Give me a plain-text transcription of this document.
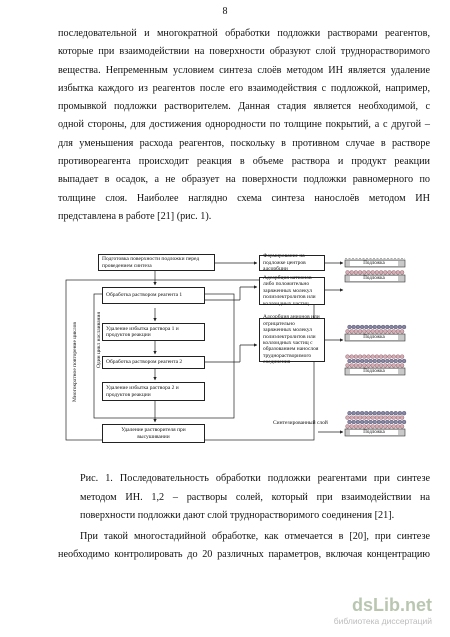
8
последовательной и многократной обработки подложки растворами реагентов,
которые при взаимодействии на поверхности образуют слой труднорастворимого
вещества. Непременным условием синтеза слоёв методом ИН является удаление
избытка каждого из реагентов после его взаимодействия с подложкой, например,
промывкой подложки растворителем. Данная стадия является необходимой, с
одной стороны, для достижения однородности по толщине покрытий, а с другой –
для уменьшения расхода реагентов, поскольку в противном случае в растворе
противореагента происходит реакция в объеме раствора и продукт реакции
выпадает в осадок, а не образует на поверхности подложки равномерного по
толщине слоя. Наиболее наглядно схема синтеза нанослоёв методом ИН
представлена в работе [21] (рис. 1).
Подготовка поверхности подложки перед проведением синтеза
Обработка раствором реагента 1
Удаление избытка раствора 1 и продуктов реакции
Обработка раствором реагента 2
Удаление избытка раствора 2 и продуктов реакции
Удаление растворителя при высушивании
Формирование на подложке центров адсорбции
Адсорбция катионов либо положительно заряженных молекул полиэлектролитов или коллоидных частиц
Адсорбция анионов или отрицательно заряженных молекул полиэлектролитов или коллоидных частиц с образованием нанослоя труднорастворимого соединения
Синтезированный слой
Многократное повторение циклов	Один цикл наслаивания
Подложка
Подложка
Подложка
Подложка
Подложка
Рис. 1. Последовательность обработки подложки реагентами при синтезе
методом ИН. 1,2 – растворы солей, который при взаимодействии на
поверхности подложки дают слой труднорастворимого соединения [21].
При такой многостадийной обработке, как отмечается в [20], при синтезе
необходимо контролировать до 20 различных параметров, включая концентрацию
dsLib.net
библиотека диссертаций
